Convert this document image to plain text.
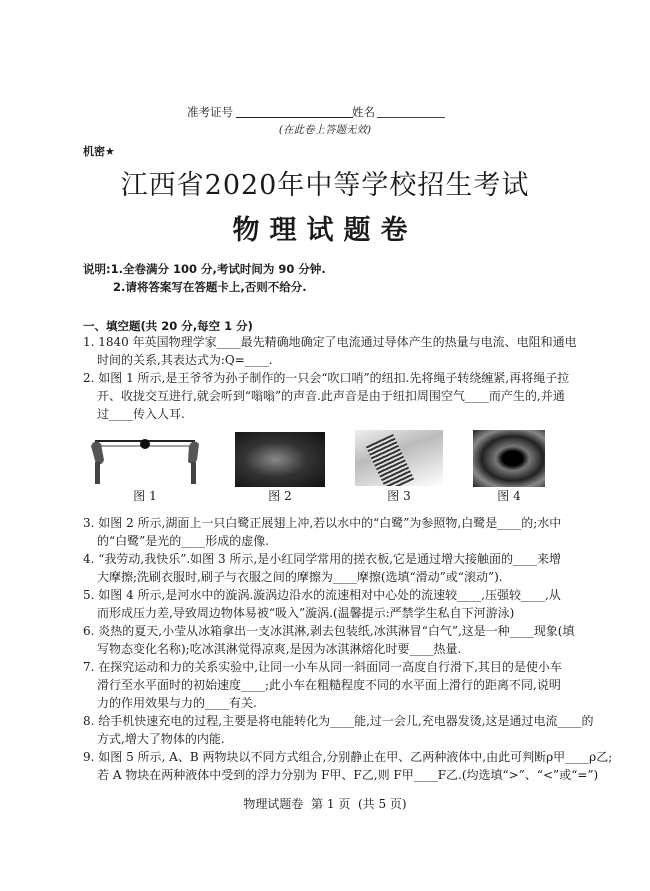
准考证号	姓名
(在此卷上答题无效)
机密★
江西省2020年中等学校招生考试
物理试题卷
说明:1.全卷满分 100 分,考试时间为 90 分钟.
2.请将答案写在答题卡上,否则不给分.
一、填空题(共 20 分,每空 1 分)
1. 1840 年英国物理学家____最先精确地确定了电流通过导体产生的热量与电流、电阻和通电
时间的关系,其表达式为:Q=____.
2. 如图 1 所示,是王爷爷为孙子制作的一只会“吹口哨”的纽扣.先将绳子转绕缠紧,再将绳子拉
开、收拢交互进行,就会听到“嗡嗡”的声音.此声音是由于纽扣周围空气____而产生的,并通
过____传入人耳.
图 1	图 2	图 3	图 4
3. 如图 2 所示,湖面上一只白鹭正展翅上冲,若以水中的“白鹭”为参照物,白鹭是____的;水中
的“白鹭”是光的____形成的虚像.
4. “我劳动,我快乐”.如图 3 所示,是小红同学常用的搓衣板,它是通过增大接触面的____来增
大摩擦;洗刷衣服时,刷子与衣服之间的摩擦为____摩擦(选填“滑动”或“滚动”).
5. 如图 4 所示,是河水中的漩涡.漩涡边沿水的流速相对中心处的流速较____,压强较____,从
而形成压力差,导致周边物体易被“吸入”漩涡.(温馨提示:严禁学生私自下河游泳)
6. 炎热的夏天,小莹从冰箱拿出一支冰淇淋,剥去包装纸,冰淇淋冒“白气”,这是一种____现象(填
写物态变化名称);吃冰淇淋觉得凉爽,是因为冰淇淋熔化时要____热量.
7. 在探究运动和力的关系实验中,让同一小车从同一斜面同一高度自行滑下,其目的是使小车
滑行至水平面时的初始速度____;此小车在粗糙程度不同的水平面上滑行的距离不同,说明
力的作用效果与力的____有关.
8. 给手机快速充电的过程,主要是将电能转化为____能,过一会儿,充电器发烫,这是通过电流____的
方式,增大了物体的内能.
9. 如图 5 所示, A、B 两物块以不同方式组合,分别静止在甲、乙两种液体中,由此可判断ρ甲____ρ乙;
若 A 物块在两种液体中受到的浮力分别为 F甲、F乙,则 F甲____F乙.(均选填“>”、“<”或“=”)
物理试题卷  第 1 页  (共 5 页)
